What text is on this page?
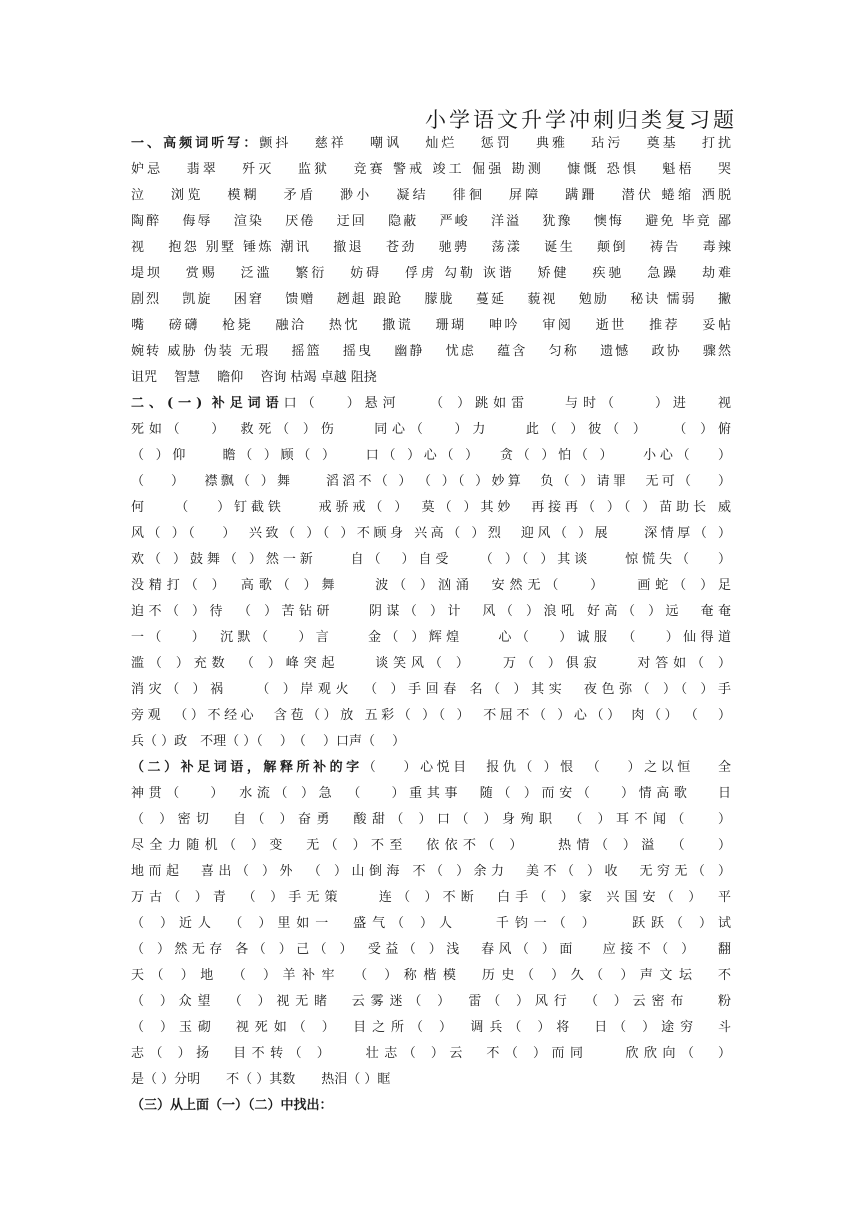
小学语文升学冲刺归类复习题
一、高频词听写：颤抖　 慈祥　 嘲讽　 灿烂　 惩罚　 典雅　 玷污　 奠基　 打扰
妒忌　 翡翠　 歼灭　 监狱　 竞赛 警戒 竣工 倔强 勘测　 慷慨 恐惧　 魁梧　 哭
泣　 浏览　 模糊　 矛盾　 渺小　 凝结　 徘徊　 屏障　 蹒跚　 潜伏 蜷缩 洒脱
陶醉　 侮辱　 渲染　 厌倦　 迂回　 隐蔽　 严峻　 洋溢　 犹豫　 懊悔　 避免 毕竟 鄙
视　 抱怨 别墅 锤炼 潮讯　 撤退　 苍劲　 驰骋　 荡漾　 诞生　 颠倒　 祷告　 毒辣
堤坝　 赏赐　 泛滥　 繁衍　 妨碍　 俘虏 勾勒 诙谐　 矫健　 疾驰　 急躁　 劫难
剧烈　 凯旋　 困窘　 馈赠　 趔趄 踉跄　 朦胧　 蔓延　 藐视　 勉励　 秘诀 懦弱　 撇
嘴　 磅礴　 枪毙　 融洽　 热忱　 撒谎　 珊瑚　 呻吟　 审阅　 逝世　 推荐　 妥帖
婉转 威胁 伪装 无瑕　 摇篮　 摇曳　 幽静　 忧虑　 蕴含　 匀称　 遗憾　 政协　 骤然
诅咒　 智慧　 瞻仰　 咨询 枯竭 卓越 阻挠
二、(一) 补足词语口（　 ）悬河　　（ ）跳如雷　　与时（　　）进　 视
死如（　 ）　救死（ ）伤　　同心（　 ）力　　此（ ）彼（ ）　　（ ）俯
（ ）仰　　瞻（ ）顾（ ）　　口（ ）心（ ）　 贪（ ）怕（ ）　　小心（　 ）
（　 ）　 襟飘（ ）舞　　滔滔不（ ）　（ ）（ ）妙算　负（ ）请罪　无可（　 ）
何　　（　 ）钉截铁　　戒骄戒（ ）　莫（ ）其妙　再接再（ ）（ ）苗助长 威
风（ ）（　 ）　兴致（ ）（ ）不顾身 兴高（ ）烈　迎风（ ）展　　深情厚（ ）
欢（ ）鼓舞（ ）然一新　　自（　）自受　　（ ）（ ）其谈　　惊慌失（　 ）
没精打（ ）　高歌（ ）舞　　波（ ）汹涌　安然无（　 ）　　画蛇（ ）足
迫不（ ）待　（ ）苦钻研　　阴谋（ ）计　风（ ）浪吼 好高（ ）远　奄奄
一（　 ）　沉默（　 ）言　　金（ ）辉煌　　心（　 ）诚服　（　 ）仙得道
滥（ ）充数　（ ）峰突起　　谈笑风（ ）　　万（ ）俱寂　　对答如（ ）
消灾（ ）祸　　（ ）岸观火　（ ）手回春 名（ ）其实　夜色弥（ ）（ ）手
旁观　（）不经心　含苞（）放 五彩（ ）（ ）　不屈不（ ）心（） 肉（）　（　）
兵（ ）政　不理（ ）（　 ）　（　 ）口声（　 ）
（二）补足词语，解释所补的字（　 ）心悦目　报仇（ ）恨　（　 ）之以恒　 全
神贯（　 ）　水流（ ）急　（　 ）重其事　随（ ）而安（　 ）情高歌　 日
（ ）密切　自（ ）奋勇　酸甜（ ）口（ ）身殉职　（ ）耳不闻（　 ）
尽全力随机（ ）变　无（ ）不至　依依不（ ）　　热情（ ）溢　（　 ）
地而起　喜出（ ）外　（ ）山倒海 不（ ）余力　美不（ ）收　无穷无（ ）
万古（ ）青　（ ）手无策　　连（ ）不断　白手（ ）家 兴国安（ ）　平
（ ）近人　（ ）里如一　盛气（ ）人　　千钧一（ ）　　跃跃（ ）试
（ ）然无存 各（ ）己（ ）　受益（ ）浅　春风（ ）面　 应接不（ ）　 翻
天（ ）地　（ ）羊补牢　（ ）称楷模　历史（ ）久（ ）声文坛　不
（ ）众望　（ ）视无睹　云雾迷（ ）　雷（ ）风行　（ ）云密布　 粉
（ ）玉砌　视死如（ ）　目之所（ ）　调兵（ ）将　日（ ）途穷　斗
志（ ）扬　目不转（ ）　　壮志（ ）云　不（ ）而同　　欣欣向（　）
是（ ）分明　　不（ ）其数　　热泪（ ）眶
（三）从上面（一）（二）中找出：
